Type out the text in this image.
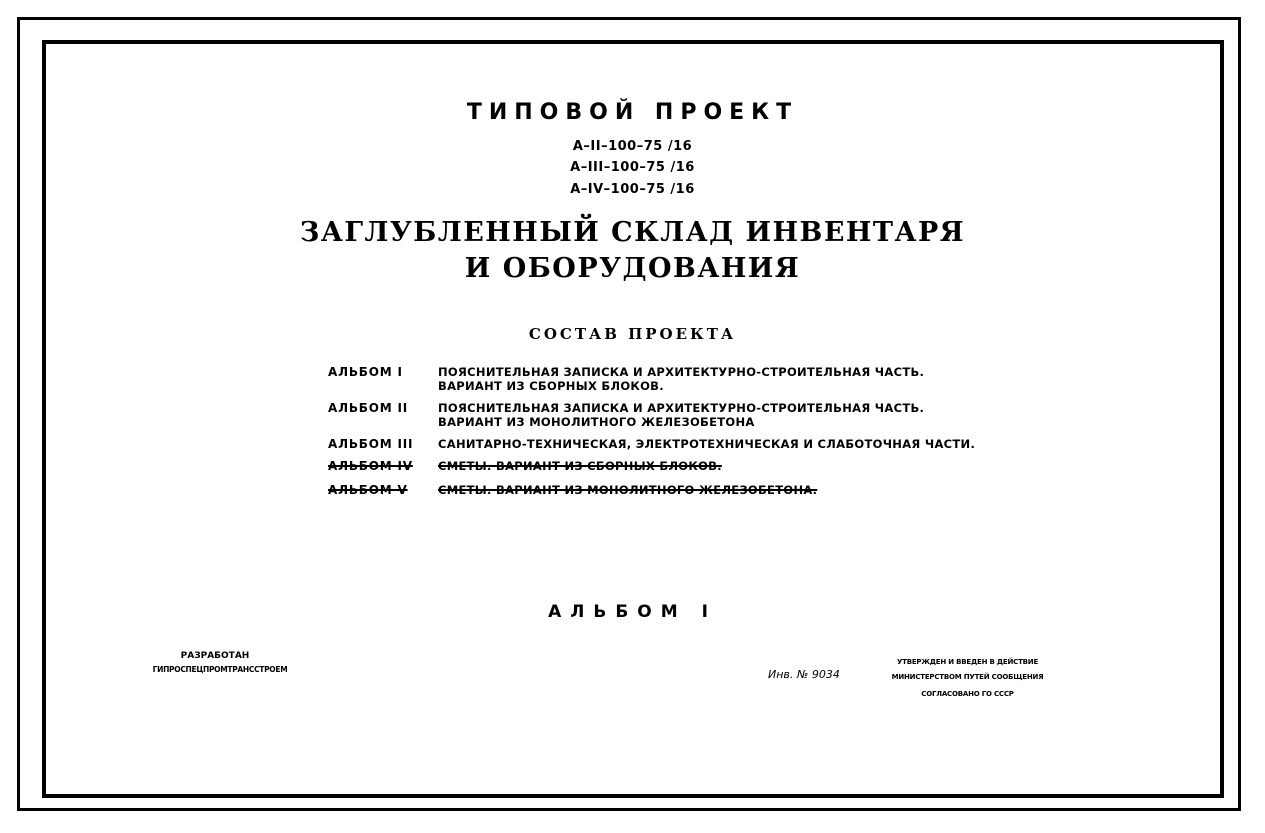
ТИПОВОЙ ПРОЕКТ
А–II–100–75 /16
А–III–100–75 /16
А–IV–100–75 /16
ЗАГЛУБЛЕННЫЙ СКЛАД ИНВЕНТАРЯ
И ОБОРУДОВАНИЯ
СОСТАВ ПРОЕКТА
АЛЬБОМ I	ПОЯСНИТЕЛЬНАЯ ЗАПИСКА И АРХИТЕКТУРНО-СТРОИТЕЛЬНАЯ ЧАСТЬ. ВАРИАНТ ИЗ СБОРНЫХ БЛОКОВ.
АЛЬБОМ II	ПОЯСНИТЕЛЬНАЯ ЗАПИСКА И АРХИТЕКТУРНО-СТРОИТЕЛЬНАЯ ЧАСТЬ. ВАРИАНТ ИЗ МОНОЛИТНОГО ЖЕЛЕЗОБЕТОНА
АЛЬБОМ III	САНИТАРНО-ТЕХНИЧЕСКАЯ, ЭЛЕКТРОТЕХНИЧЕСКАЯ И СЛАБОТОЧНАЯ ЧАСТИ.
АЛЬБОМ IV	СМЕТЫ. ВАРИАНТ ИЗ СБОРНЫХ БЛОКОВ.
АЛЬБОМ V	СМЕТЫ. ВАРИАНТ ИЗ МОНОЛИТНОГО ЖЕЛЕЗОБЕТОНА.
АЛЬБОМ I
РАЗРАБОТАН
ГИПРОСПЕЦПРОМТРАНССТРОЕМ	Инв. № 9034
УТВЕРЖДЕН И ВВЕДЕН В ДЕЙСТВИЕ
МИНИСТЕРСТВОМ ПУТЕЙ СООБЩЕНИЯ
СОГЛАСОВАНО ГО СССР
